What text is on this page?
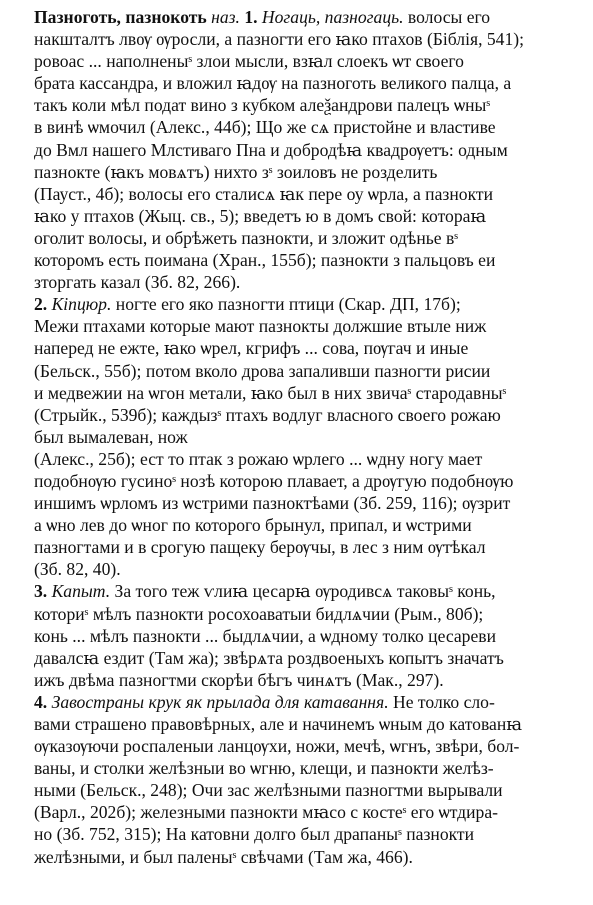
Пазноготь, пазнокоть наз. 1. Ногаць, пазногаць. волосы его
накшталтъ лвѹ ѹросли, а пазногти его ꙗко птахов (Біблія, 541);
ровоас ... наполненыˢ злои мысли, взꙗл слоекъ ѡт своего
брата кассандра, и вложил ꙗдѹ на пазноготь великого палца, а
такъ коли мѣл подат вино з кубком алеѯандрови палецъ ѡныˢ
в винѣ ѡмочил (Алекс., 44б); Що же сѧ пристойне и властиве
до Вмл нашего Млстиваго Пна и добродѣꙗ квадрѹетъ: одным
пазнокте (ꙗкъ мовѧтъ) нихто зˢ зоиловъ не розделить
(Пауст., 4б); волосы его сталисѧ ꙗк пере оу ѡрла, а пазнокти
ꙗко у птахов (Жыц. св., 5); введетъ ю в домъ свой: котораꙗ
оголит волосы, и обрѣжеть пазнокти, и зложит одѣнье вˢ
которомъ есть поимана (Хран., 155б); пазнокти з пальцовъ еи
зторгать казал (Зб. 82, 266).

2. Кіпцюр. ногте его яко пазногти птици (Скар. ДП, 17б);
Межи птахами которые мают пазнокты должшие втыле ниж
наперед не ежте, ꙗко ѡрел, кгрифъ ... сова, пѹгач и иные
(Бельск., 55б); потом вколо дрова запаливши пазногти рисии
и медвежии на ѡгон метали, ꙗко был в них звичаˢ стародавныˢ
(Стрыйк., 539б); каждызˢ птахъ водлуг власного своего рожаю
был вымалеван, нож
(Алекс., 25б); ест то птак з рожаю ѡрлего ... ѡдну ногу мает
подобнѹю гусиноˢ нозѣ которою плавает, а дрѹгую подобнѹю
иншимъ ѡрломъ из ѡстрими пазноктѣами (Зб. 259, 116); ѹзрит
а ѡно лев до ѡног по которого брынул, припал, и ѡстрими
пазногтами и в срогую пащеку берѹчы, в лес з ним ѹтѣкал
(Зб. 82, 40).

3. Капыт. За того теж ѵлиꙗ цесарꙗ ѹродивсѧ таковыˢ конь,
коториˢ мѣлъ пазнокти росохоаватыи бидлѧчии (Рым., 80б);
конь ... мѣлъ пазнокти ... быдлѧчии, а ѡдному толко цесареви
давалсꙗ ездит (Там жа); звѣрѧта роздвоеныхъ копытъ значатъ
ижъ двѣма пазногтми скорѣи бѣгъ чинѧтъ (Мак., 297).

4. Завостраны крук як прылада для катавання. Не толко сло-
вами страшено правовѣрных, але и начинемъ ѡным до катованꙗ
ѹказѹючи роспаленыи ланцѹхи, ножи, мечѣ, ѡгнъ, звѣри, бол-
ваны, и столки желѣзныи во ѡгню, клещи, и пазнокти желѣз-
ными (Бельск., 248); Очи зас желѣзными пазногтми вырывали
(Варл., 202б); железными пазнокти мꙗсо с костеˢ его ѡтдира-
но (Зб. 752, 315); На катовни долго был драпаныˢ пазнокти
желѣзными, и был паленыˢ свѣчами (Там жа, 466).
